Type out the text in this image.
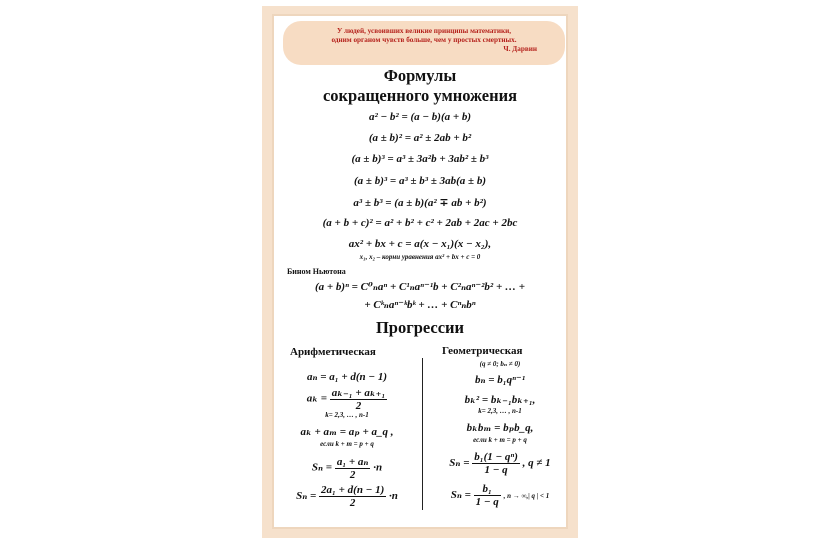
У людей, усвоивших великие принципы математики,
одним органом чувств больше, чем у простых смертных.
Ч. Дарвин
Формулы
сокращенного умножения
a² − b² = (a − b)(a + b)
(a ± b)² = a² ± 2ab + b²
(a ± b)³ = a³ ± 3a²b + 3ab² ± b³
(a ± b)³ = a³ ± b³ ± 3ab(a ± b)
a³ ± b³ = (a ± b)(a² ∓ ab + b²)
(a + b + c)² = a² + b² + c² + 2ab + 2ac + 2bc
ax² + bx + c = a(x − x₁)(x − x₂),
x₁, x₂ – корни уравнения ax² + bx + c = 0
Бином Ньютона
(a + b)ⁿ = C⁰ₙaⁿ + C¹ₙaⁿ⁻¹b + C²ₙaⁿ⁻²b² + … +
+ Cᵏₙaⁿ⁻ᵏbᵏ + … + Cⁿₙbⁿ
Прогрессии
Арифметическая	Геометрическая
(q ≠ 0; bₙ ≠ 0)
aₙ = a₁ + d(n − 1)
$a_k = \frac{\text{aₖ₋₁ + aₖ₊₁}}{2}$
k= 2,3, … , n-1
aₖ + aₘ = aₚ + a_q ,
если k + m = p + q
$S_n = \frac{\text{a₁ + aₙ}}{2} \cdot n$
$S_n = \frac{\text{2a₁ + d(n − 1)}}{2} \cdot n$
bₙ = b₁qⁿ⁻¹
bₖ² = bₖ₋₁bₖ₊₁,
k= 2,3, … , n-1
bₖbₘ = bₚb_q,
если k + m = p + q
$S_n = \frac{\text{b₁(1 − qⁿ)}}{1 - q}$ , q ≠ 1
$S_n = \frac{\text{b₁}}{1 - q}$ , n → ∞,| q | < 1
